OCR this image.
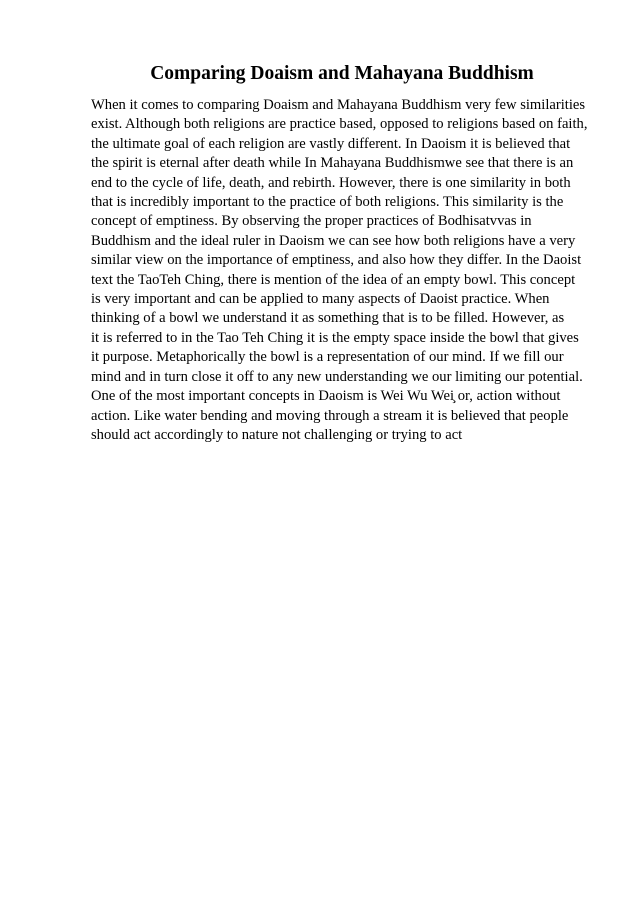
Comparing Doaism and Mahayana Buddhism
When it comes to comparing Doaism and Mahayana Buddhism very few similarities
exist. Although both religions are practice based, opposed to religions based on faith,
the ultimate goal of each religion are vastly different. In Daoism it is believed that
the spirit is eternal after death while In Mahayana Buddhismwe see that there is an
end to the cycle of life, death, and rebirth. However, there is one similarity in both
that is incredibly important to the practice of both religions. This similarity is the
concept of emptiness. By observing the proper practices of Bodhisatvvas in
Buddhism and the ideal ruler in Daoism we can see how both religions have a very
similar view on the importance of emptiness, and also how they differ. In the Daoist
text the TaoTeh Ching, there is mention of the idea of an empty bowl. This concept
is very important and can be applied to many aspects of Daoist practice. When
thinking of a bowl we understand it as something that is to be filled. However, as
it is referred to in the Tao Teh Ching it is the empty space inside the bowl that gives
it purpose. Metaphorically the bowl is a representation of our mind. If we fill our
mind and in turn close it off to any new understanding we our limiting our potential.
One of the most important concepts in Daoism is Wei Wu Wei̧ or, action without
action. Like water bending and moving through a stream it is believed that people
should act accordingly to nature not challenging or trying to act
